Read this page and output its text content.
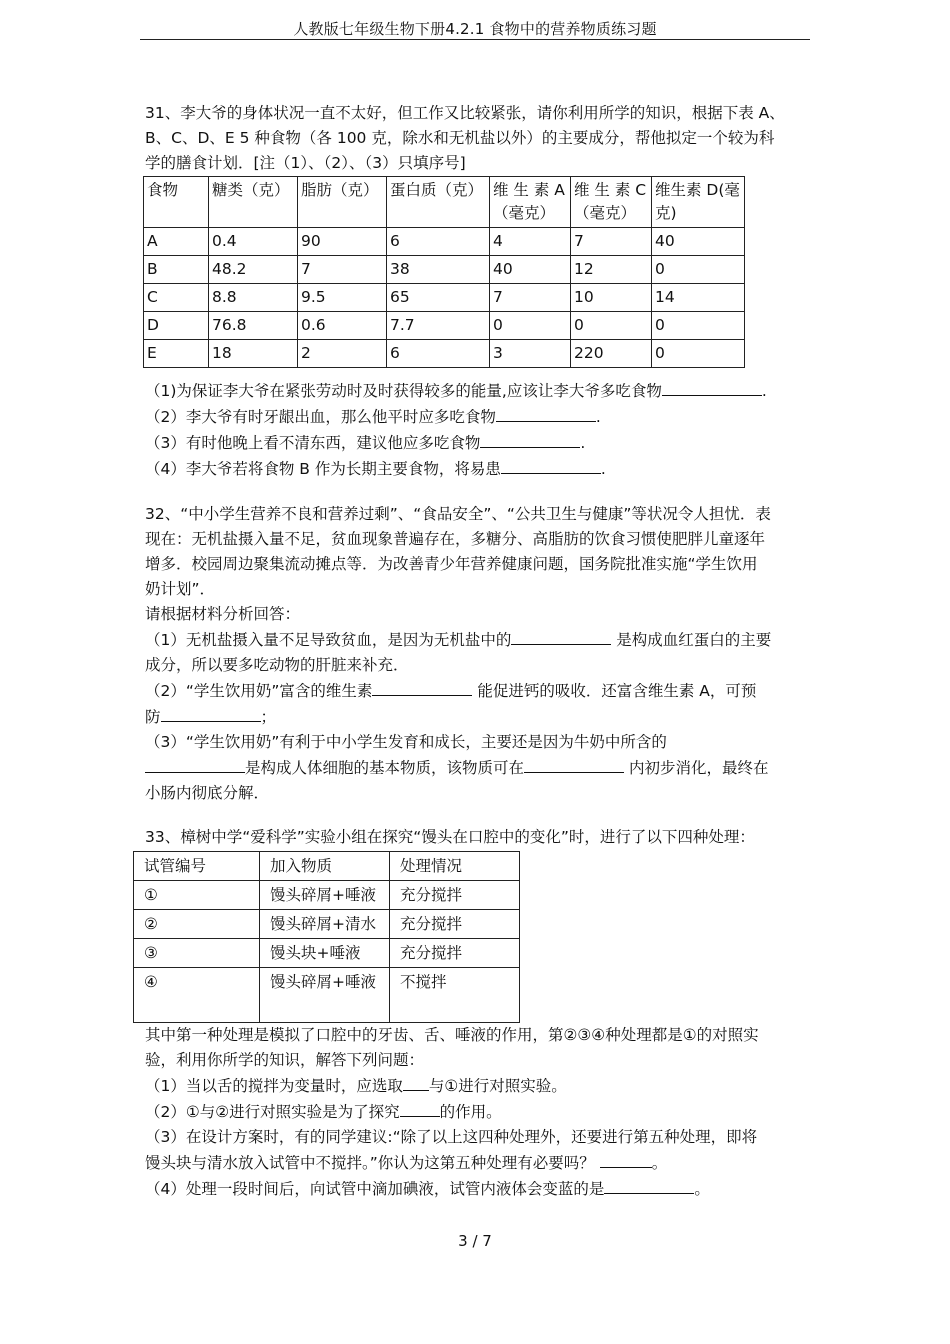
人教版七年级生物下册4.2.1 食物中的营养物质练习题

31、李大爷的身体状况一直不太好，但工作又比较紧张，请你利用所学的知识，根据下表 A、

B、C、D、E 5 种食物（各 100 克，除水和无机盐以外）的主要成分，帮他拟定一个较为科

学的膳食计划．[注（1）、（2）、（3）只填序号]

食物	糖类（克）	脂肪（克）	蛋白质（克）	维 生 素 A（毫克）	维 生 素 C（毫克）	维生素 D(毫克)
A	0.4	90	6	4	7	40
B	48.2	7	38	40	12	0
C	8.8	9.5	65	7	10	14
D	76.8	0.6	7.7	0	0	0
E	18	2	6	3	220	0

（1)为保证李大爷在紧张劳动时及时获得较多的能量,应该让李大爷多吃食物	.

（2）李大爷有时牙龈出血，那么他平时应多吃食物	.

（3）有时他晚上看不清东西，建议他应多吃食物	.

（4）李大爷若将食物 B 作为长期主要食物，将易患	.

32、“中小学生营养不良和营养过剩”、“食品安全”、“公共卫生与健康”等状况令人担忧．表

现在：无机盐摄入量不足，贫血现象普遍存在，多糖分、高脂肪的饮食习惯使肥胖儿童逐年

增多．校园周边聚集流动摊点等．为改善青少年营养健康问题，国务院批准实施“学生饮用

奶计划”．

请根据材料分析回答：

（1）无机盐摄入量不足导致贫血，是因为无机盐中的	是构成血红蛋白的主要

成分，所以要多吃动物的肝脏来补充．

（2）“学生饮用奶”富含的维生素	能促进钙的吸收．还富含维生素 A，可预

防	；

（3）“学生饮用奶”有利于中小学生发育和成长，主要还是因为牛奶中所含的

是构成人体细胞的基本物质，该物质可在	内初步消化，最终在

小肠内彻底分解．

33、樟树中学“爱科学”实验小组在探究“馒头在口腔中的变化”时，进行了以下四种处理：
试管编号	加入物质	处理情况
①	馒头碎屑+唾液	充分搅拌
②	馒头碎屑+清水	充分搅拌
③	馒头块+唾液	充分搅拌
④	馒头碎屑+唾液	不搅拌

其中第一种处理是模拟了口腔中的牙齿、舌、唾液的作用，第②③④种处理都是①的对照实

验，利用你所学的知识，解答下列问题：

（1）当以舌的搅拌为变量时，应选取 与①进行对照实验。

（2）①与②进行对照实验是为了探究	的作用。

（3）在设计方案时，有的同学建议:“除了以上这四种处理外，还要进行第五种处理，即将

馒头块与清水放入试管中不搅拌。”你认为这第五种处理有必要吗？	。

（4）处理一段时间后，向试管中滴加碘液，试管内液体会变蓝的是	。

3 / 7
